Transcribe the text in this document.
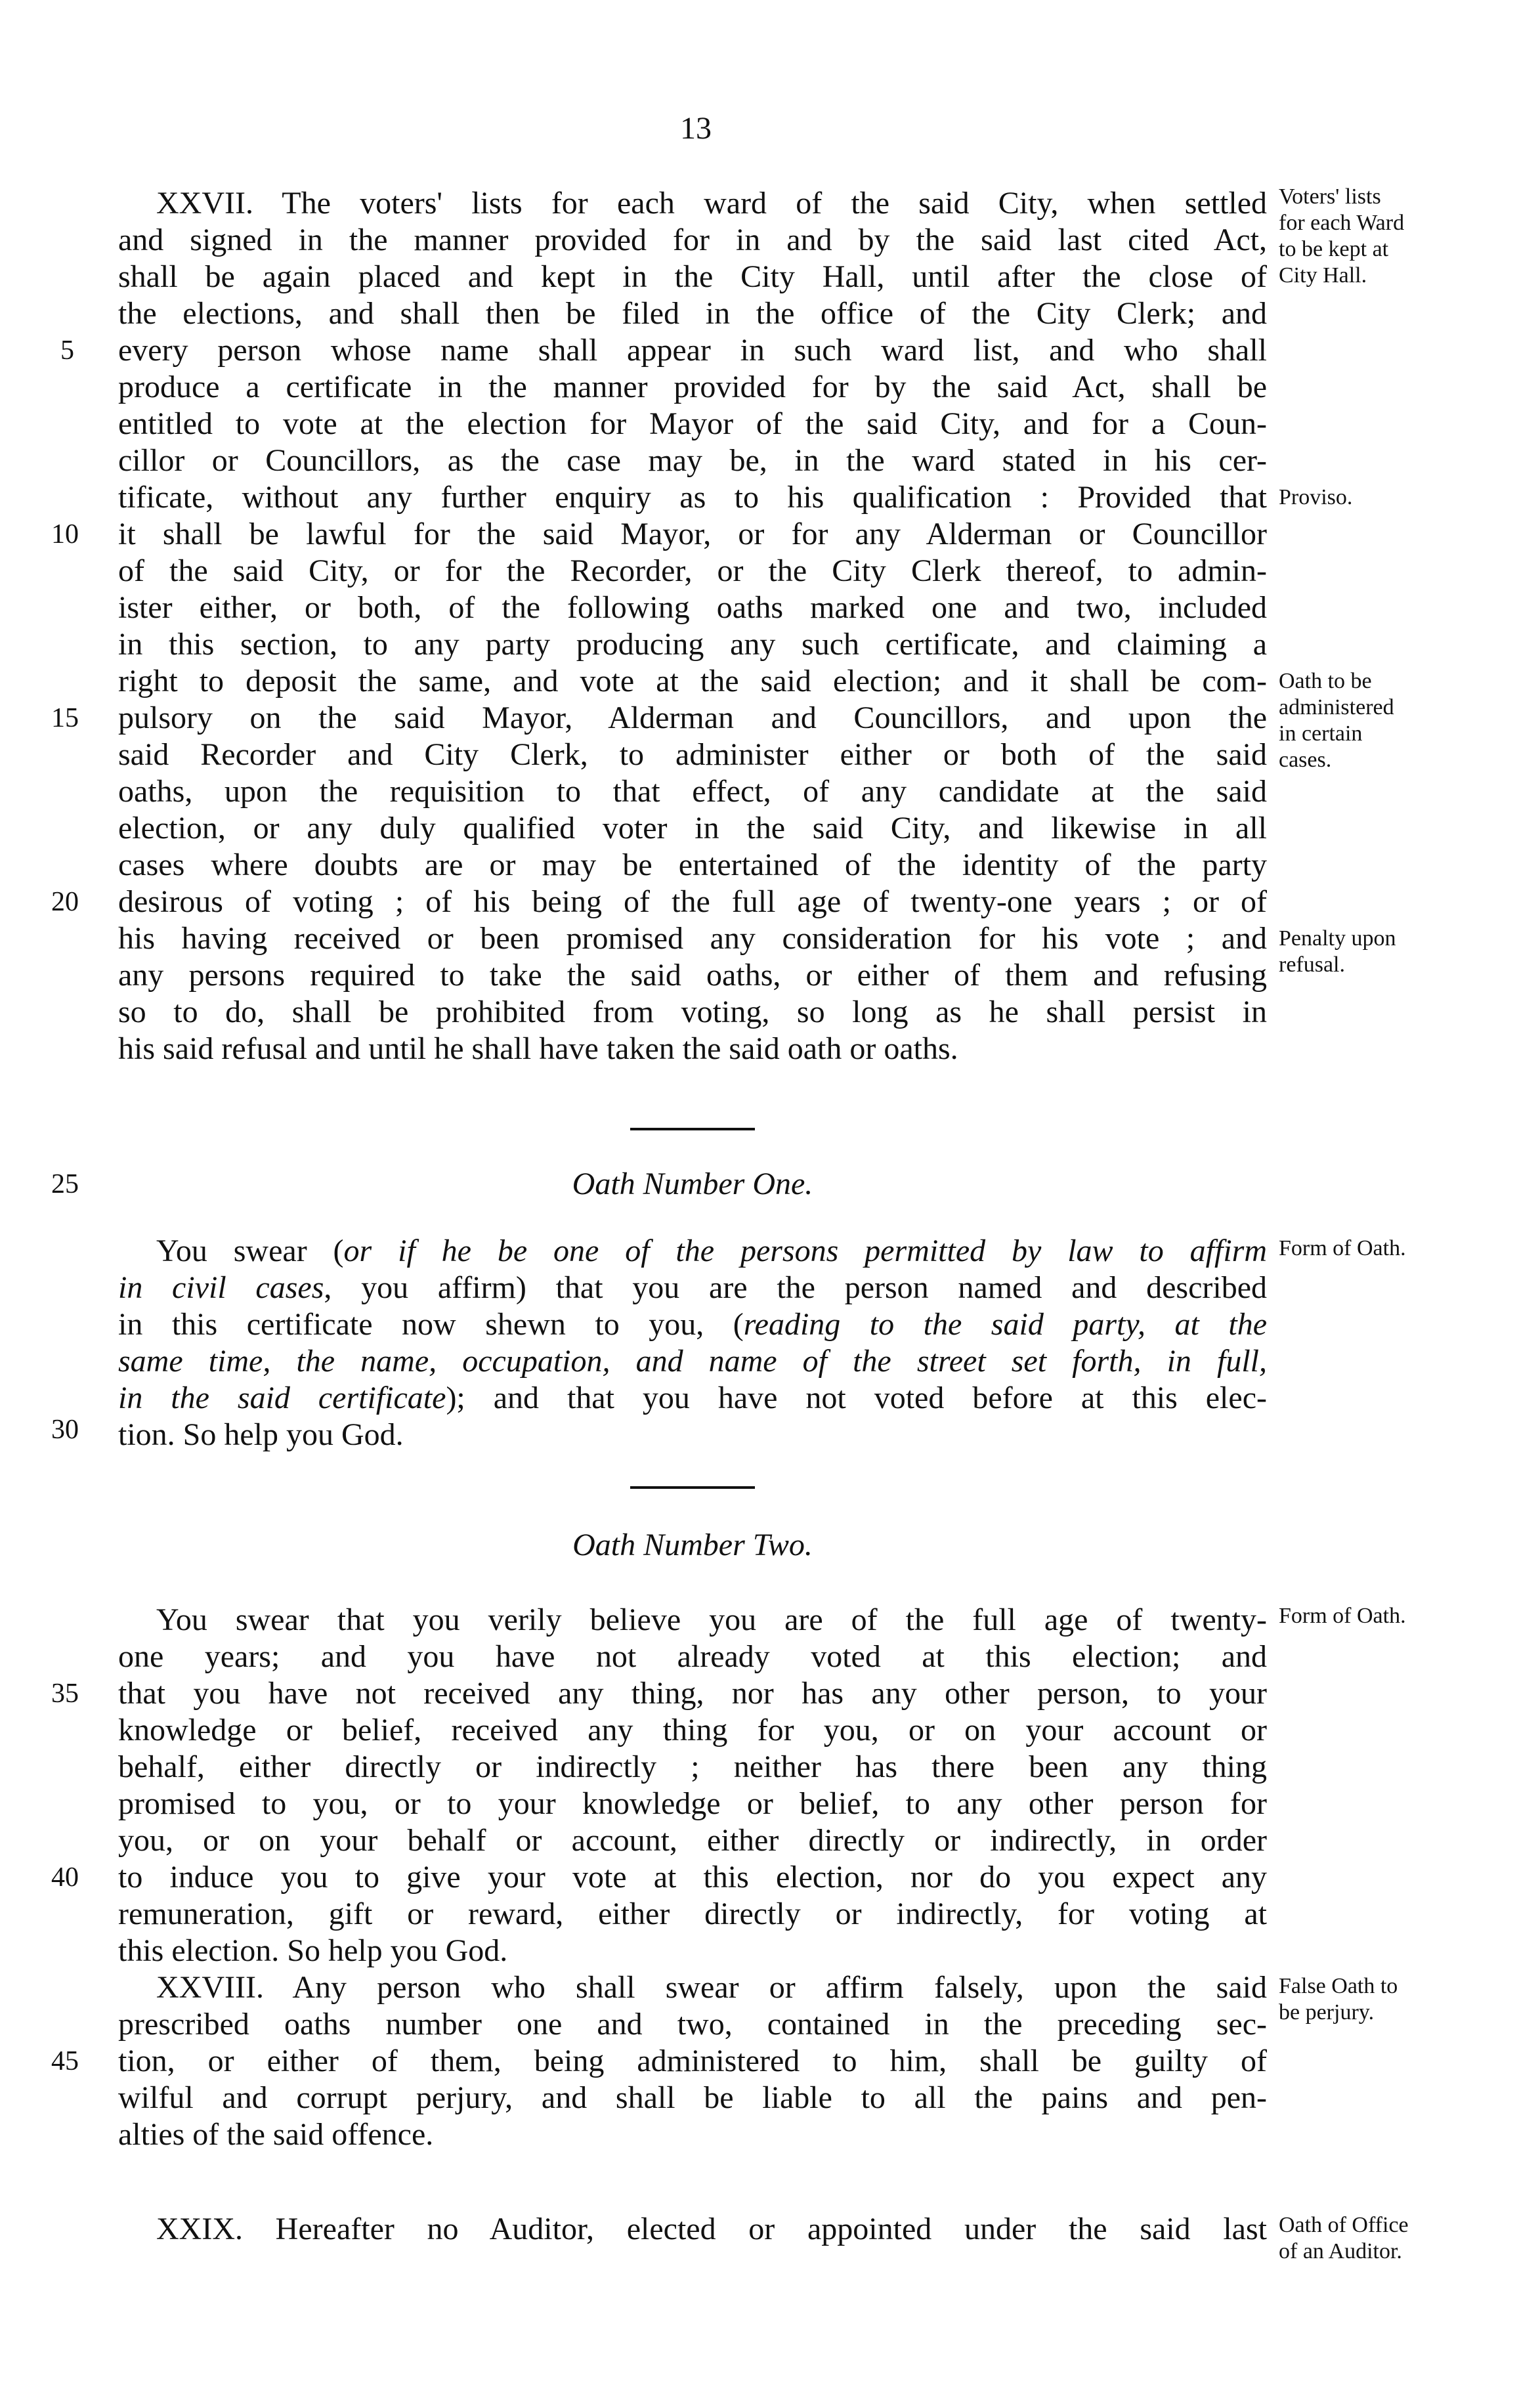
13
XXVII. The voters' lists for each ward of the said City, when settled
and signed in the manner provided for in and by the said last cited Act,
shall be again placed and kept in the City Hall, until after the close of
the elections, and shall then be filed in the office of the City Clerk; and
every person whose name shall appear in such ward list, and who shall
produce a certificate in the manner provided for by the said Act, shall be
entitled to vote at the election for Mayor of the said City, and for a Coun-
cillor or Councillors, as the case may be, in the ward stated in his cer-
tificate, without any further enquiry as to his qualification : Provided that
it shall be lawful for the said Mayor, or for any Alderman or Councillor
of the said City, or for the Recorder, or the City Clerk thereof, to admin-
ister either, or both, of the following oaths marked one and two, included
in this section, to any party producing any such certificate, and claiming a
right to deposit the same, and vote at the said election; and it shall be com-
pulsory on the said Mayor, Alderman and Councillors, and upon the
said Recorder and City Clerk, to administer either or both of the said
oaths, upon the requisition to that effect, of any candidate at the said
election, or any duly qualified voter in the said City, and likewise in all
cases where doubts are or may be entertained of the identity of the party
desirous of voting ; of his being of the full age of twenty-one years ; or of
his having received or been promised any consideration for his vote ; and
any persons required to take the said oaths, or either of them and refusing
so to do, shall be prohibited from voting, so long as he shall persist in
his said refusal and until he shall have taken the said oath or oaths.
5
10
15
20
25
30
35
40
45
Voters' lists
for each Ward
to be kept at
City Hall.
Proviso.
Oath to be
administered
in certain
cases.
Penalty upon
refusal.
Form of Oath.
Form of Oath.
False Oath to
be perjury.
Oath of Office
of an Auditor.
Oath Number One.
You swear (or if he be one of the persons permitted by law to affirm
in civil cases, you affirm) that you are the person named and described
in this certificate now shewn to you, (reading to the said party, at the
same time, the name, occupation, and name of the street set forth, in full,
in the said certificate); and that you have not voted before at this elec-
tion. So help you God.
Oath Number Two.
You swear that you verily believe you are of the full age of twenty-
one years; and you have not already voted at this election; and
that you have not received any thing, nor has any other person, to your
knowledge or belief, received any thing for you, or on your account or
behalf, either directly or indirectly ; neither has there been any thing
promised to you, or to your knowledge or belief, to any other person for
you, or on your behalf or account, either directly or indirectly, in order
to induce you to give your vote at this election, nor do you expect any
remuneration, gift or reward, either directly or indirectly, for voting at
this election. So help you God.
XXVIII. Any person who shall swear or affirm falsely, upon the said
prescribed oaths number one and two, contained in the preceding sec-
tion, or either of them, being administered to him, shall be guilty of
wilful and corrupt perjury, and shall be liable to all the pains and pen-
alties of the said offence.
XXIX. Hereafter no Auditor, elected or appointed under the said last
